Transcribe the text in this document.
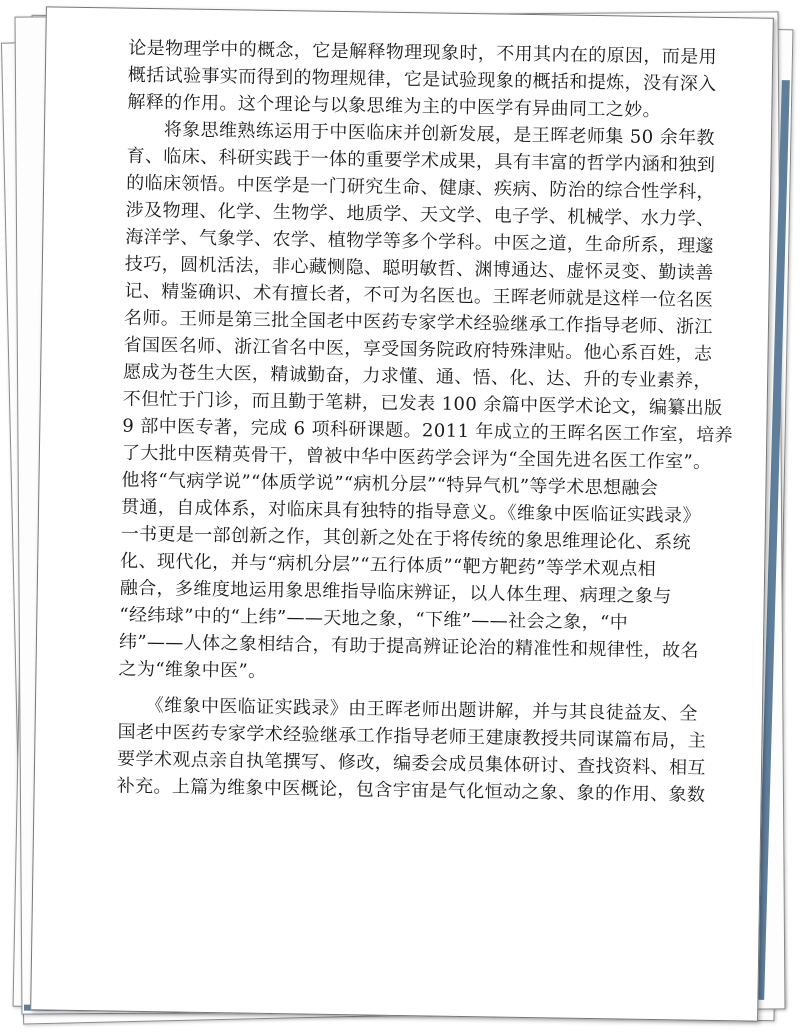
论是物理学中的概念，它是解释物理现象时，不用其内在的原因，而是用
概括试验事实而得到的物理规律，它是试验现象的概括和提炼，没有深入
解释的作用。这个理论与以象思维为主的中医学有异曲同工之妙。
　　将象思维熟练运用于中医临床并创新发展，是王晖老师集 50 余年教
育、临床、科研实践于一体的重要学术成果，具有丰富的哲学内涵和独到
的临床领悟。中医学是一门研究生命、健康、疾病、防治的综合性学科，
涉及物理、化学、生物学、地质学、天文学、电子学、机械学、水力学、
海洋学、气象学、农学、植物学等多个学科。中医之道，生命所系，理邃
技巧，圆机活法，非心藏恻隐、聪明敏哲、渊博通达、虚怀灵变、勤读善
记、精鉴确识、术有擅长者，不可为名医也。王晖老师就是这样一位名医
名师。王师是第三批全国老中医药专家学术经验继承工作指导老师、浙江
省国医名师、浙江省名中医，享受国务院政府特殊津贴。他心系百姓，志
愿成为苍生大医，精诚勤奋，力求懂、通、悟、化、达、升的专业素养，
不但忙于门诊，而且勤于笔耕，已发表 100 余篇中医学术论文，编纂出版
9 部中医专著，完成 6 项科研课题。2011 年成立的王晖名医工作室，培养
了大批中医精英骨干，曾被中华中医药学会评为“全国先进名医工作室”。
他将“气病学说”“体质学说”“病机分层”“特异气机”等学术思想融会
贯通，自成体系，对临床具有独特的指导意义。《维象中医临证实践录》
一书更是一部创新之作，其创新之处在于将传统的象思维理论化、系统
化、现代化，并与“病机分层”“五行体质”“靶方靶药”等学术观点相
融合，多维度地运用象思维指导临床辨证，以人体生理、病理之象与
“经纬球”中的“上纬”——天地之象，“下维”——社会之象，“中
纬”——人体之象相结合，有助于提高辨证论治的精准性和规律性，故名
之为“维象中医”。
　　《维象中医临证实践录》由王晖老师出题讲解，并与其良徒益友、全
国老中医药专家学术经验继承工作指导老师王建康教授共同谋篇布局，主
要学术观点亲自执笔撰写、修改，编委会成员集体研讨、查找资料、相互
补充。上篇为维象中医概论，包含宇宙是气化恒动之象、象的作用、象数
